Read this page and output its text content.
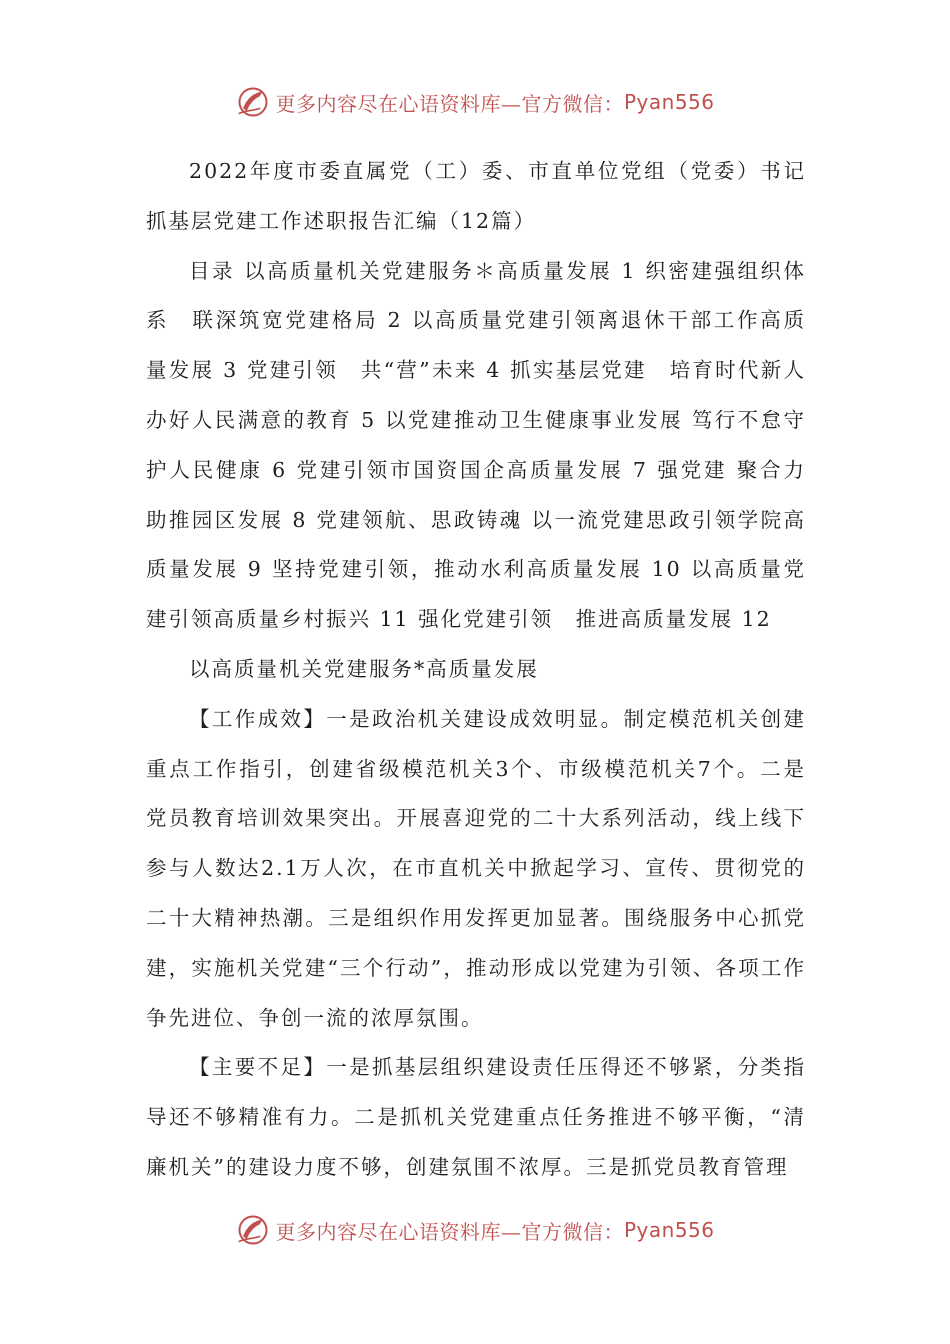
更多内容尽在心语资料库—官方微信： Pyan556

2022年度市委直属党（工）委、市直单位党组（党委）书记抓基层党建工作述职报告汇编（12篇）

目录 以高质量机关党建服务＊高质量发展 1 织密建强组织体系　联深筑宽党建格局 2 以高质量党建引领离退休干部工作高质量发展 3 党建引领　共“营”未来 4 抓实基层党建　培育时代新人　办好人民满意的教育 5 以党建推动卫生健康事业发展 笃行不怠守护人民健康 6 党建引领市国资国企高质量发展 7 强党建 聚合力　助推园区发展 8 党建领航、思政铸魂 以一流党建思政引领学院高质量发展 9 坚持党建引领，推动水利高质量发展 10 以高质量党建引领高质量乡村振兴 11 强化党建引领　推进高质量发展 12

以高质量机关党建服务*高质量发展

【工作成效】一是政治机关建设成效明显。制定模范机关创建重点工作指引，创建省级模范机关3个、市级模范机关7个。二是党员教育培训效果突出。开展喜迎党的二十大系列活动，线上线下参与人数达2.1万人次，在市直机关中掀起学习、宣传、贯彻党的二十大精神热潮。三是组织作用发挥更加显著。围绕服务中心抓党建，实施机关党建“三个行动”，推动形成以党建为引领、各项工作争先进位、争创一流的浓厚氛围。

【主要不足】一是抓基层组织建设责任压得还不够紧，分类指导还不够精准有力。二是抓机关党建重点任务推进不够平衡，“清廉机关”的建设力度不够，创建氛围不浓厚。三是抓党员教育管理

更多内容尽在心语资料库—官方微信： Pyan556
